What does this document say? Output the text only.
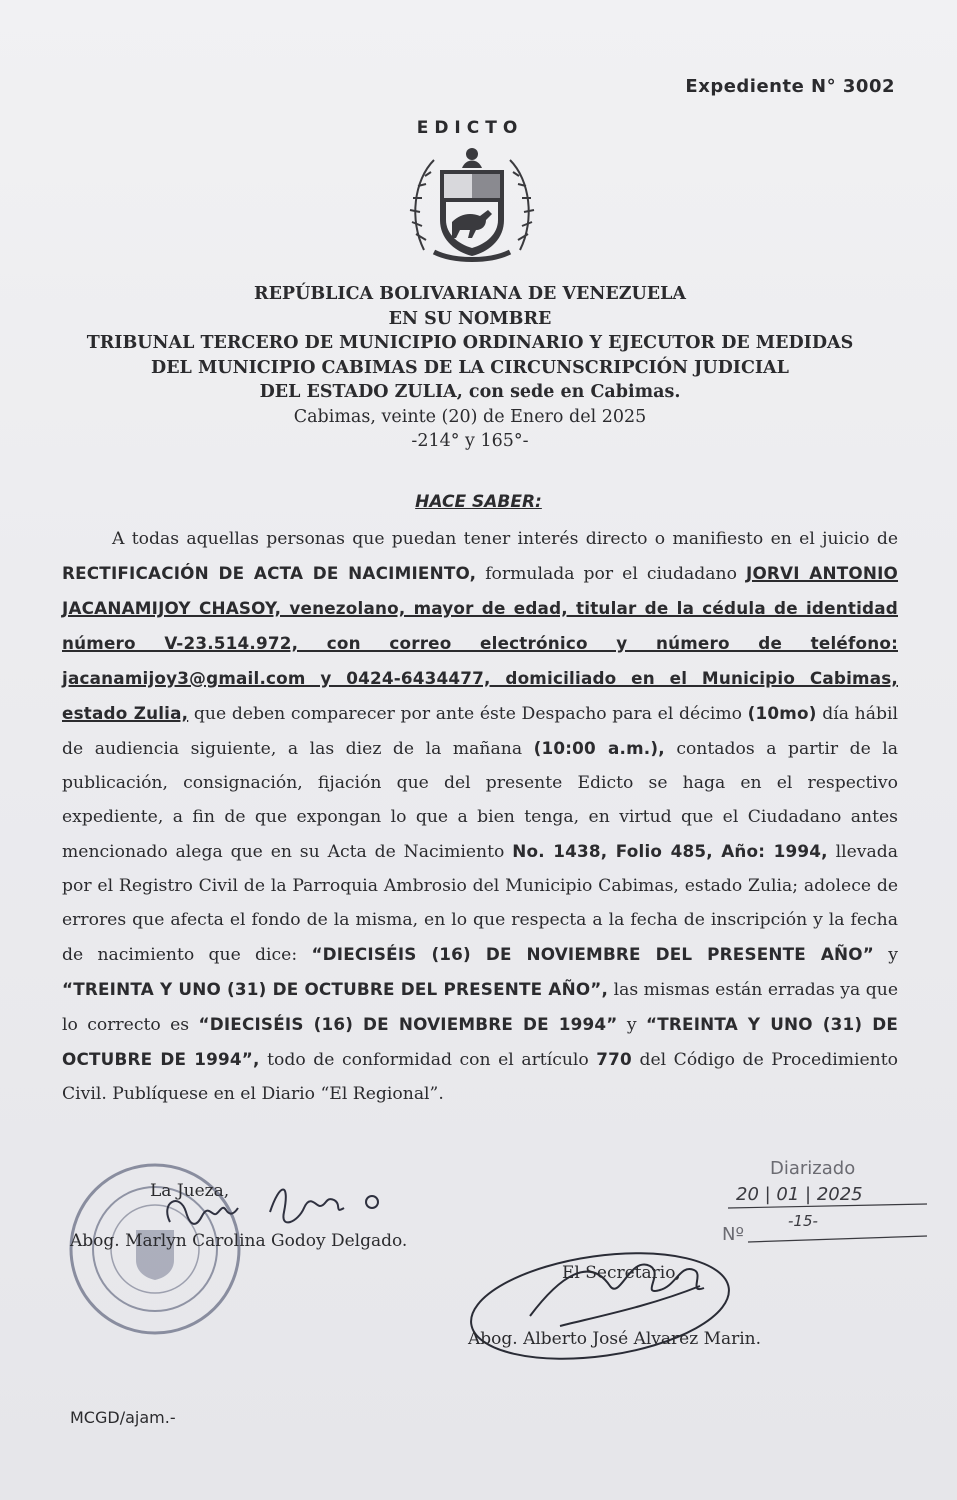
Expediente N° 3002
EDICTO
REPÚBLICA BOLIVARIANA DE VENEZUELA
EN SU NOMBRE
TRIBUNAL TERCERO DE MUNICIPIO ORDINARIO Y EJECUTOR DE MEDIDAS
DEL MUNICIPIO CABIMAS DE LA CIRCUNSCRIPCIÓN JUDICIAL
DEL ESTADO ZULIA, con sede en Cabimas.
Cabimas, veinte (20) de Enero del 2025
-214° y 165°-
HACE SABER:

A todas aquellas personas que puedan tener interés directo o manifiesto en el juicio de RECTIFICACIÓN DE ACTA DE NACIMIENTO, formulada por el ciudadano JORVI ANTONIO JACANAMIJOY CHASOY, venezolano, mayor de edad, titular de la cédula de identidad número V-23.514.972, con correo electrónico y número de teléfono: jacanamijoy3@gmail.com y 0424-6434477, domiciliado en el Municipio Cabimas, estado Zulia, que deben comparecer por ante éste Despacho para el décimo (10mo) día hábil de audiencia siguiente, a las diez de la mañana (10:00 a.m.), contados a partir de la publicación, consignación, fijación que del presente Edicto se haga en el respectivo expediente, a fin de que expongan lo que a bien tenga, en virtud que el Ciudadano antes mencionado alega que en su Acta de Nacimiento No. 1438, Folio 485, Año: 1994, llevada por el Registro Civil de la Parroquia Ambrosio del Municipio Cabimas, estado Zulia; adolece de errores que afecta el fondo de la misma, en lo que respecta a la fecha de inscripción y la fecha de nacimiento que dice: “DIECISÉIS (16) DE NOVIEMBRE DEL PRESENTE AÑO” y “TREINTA Y UNO (31) DE OCTUBRE DEL PRESENTE AÑO”, las mismas están erradas ya que lo correcto es “DIECISÉIS (16) DE NOVIEMBRE DE 1994” y “TREINTA Y UNO (31) DE OCTUBRE DE 1994”, todo de conformidad con el artículo 770 del Código de Procedimiento Civil. Publíquese en el Diario “El Regional”.

La Jueza,
Abog. Marlyn Carolina Godoy Delgado.
Diarizado
20 | 01 | 2025
Nº
-15-
El Secretario,
Abog. Alberto José Alvarez Marin.
MCGD/ajam.-
